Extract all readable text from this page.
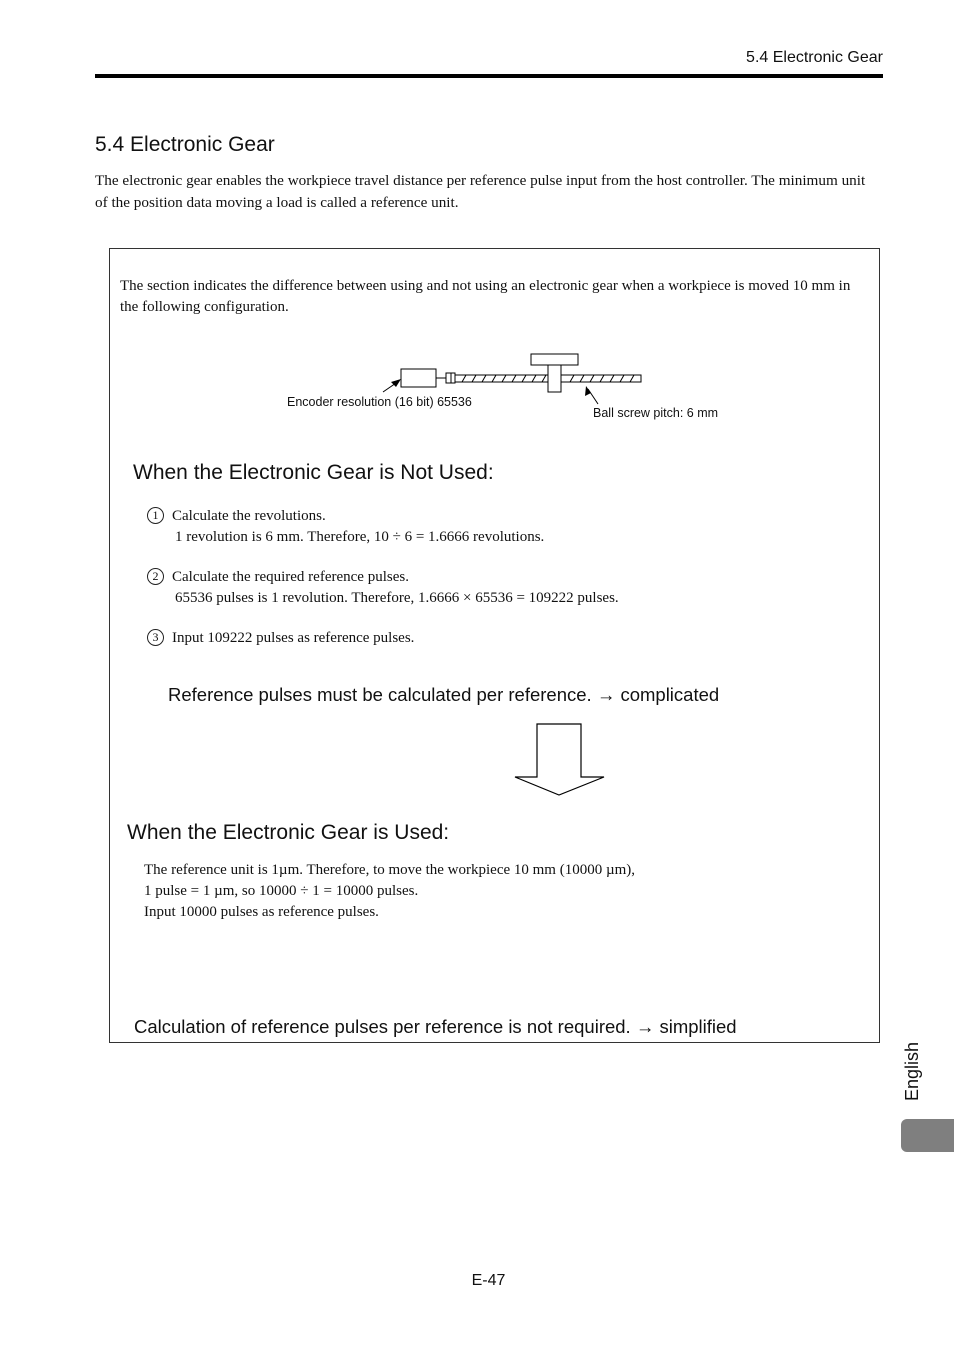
5.4 Electronic Gear
5.4 Electronic Gear
The electronic gear enables the workpiece travel distance per reference pulse input from the host controller. The minimum unit of the position data moving a load is called a reference unit.
The section indicates the difference between using and not using an electronic gear when a workpiece is moved 10 mm in the following configuration.
Encoder resolution (16 bit) 65536
Ball screw pitch: 6 mm
When the Electronic Gear is Not Used:
1 Calculate the revolutions.
1 revolution is 6 mm. Therefore, 10 ÷ 6 = 1.6666 revolutions.
2 Calculate the required reference pulses.
65536 pulses is 1 revolution. Therefore, 1.6666 × 65536 = 109222 pulses.
3 Input 109222 pulses as reference pulses.
Reference pulses must be calculated per reference. → complicated
When the Electronic Gear is Used:
The reference unit is 1µm. Therefore, to move the workpiece 10 mm (10000 µm),
1 pulse = 1 µm, so 10000 ÷ 1 = 10000 pulses.
Input 10000 pulses as reference pulses.
Calculation of reference pulses per reference is not required. → simplified
English
E-47
